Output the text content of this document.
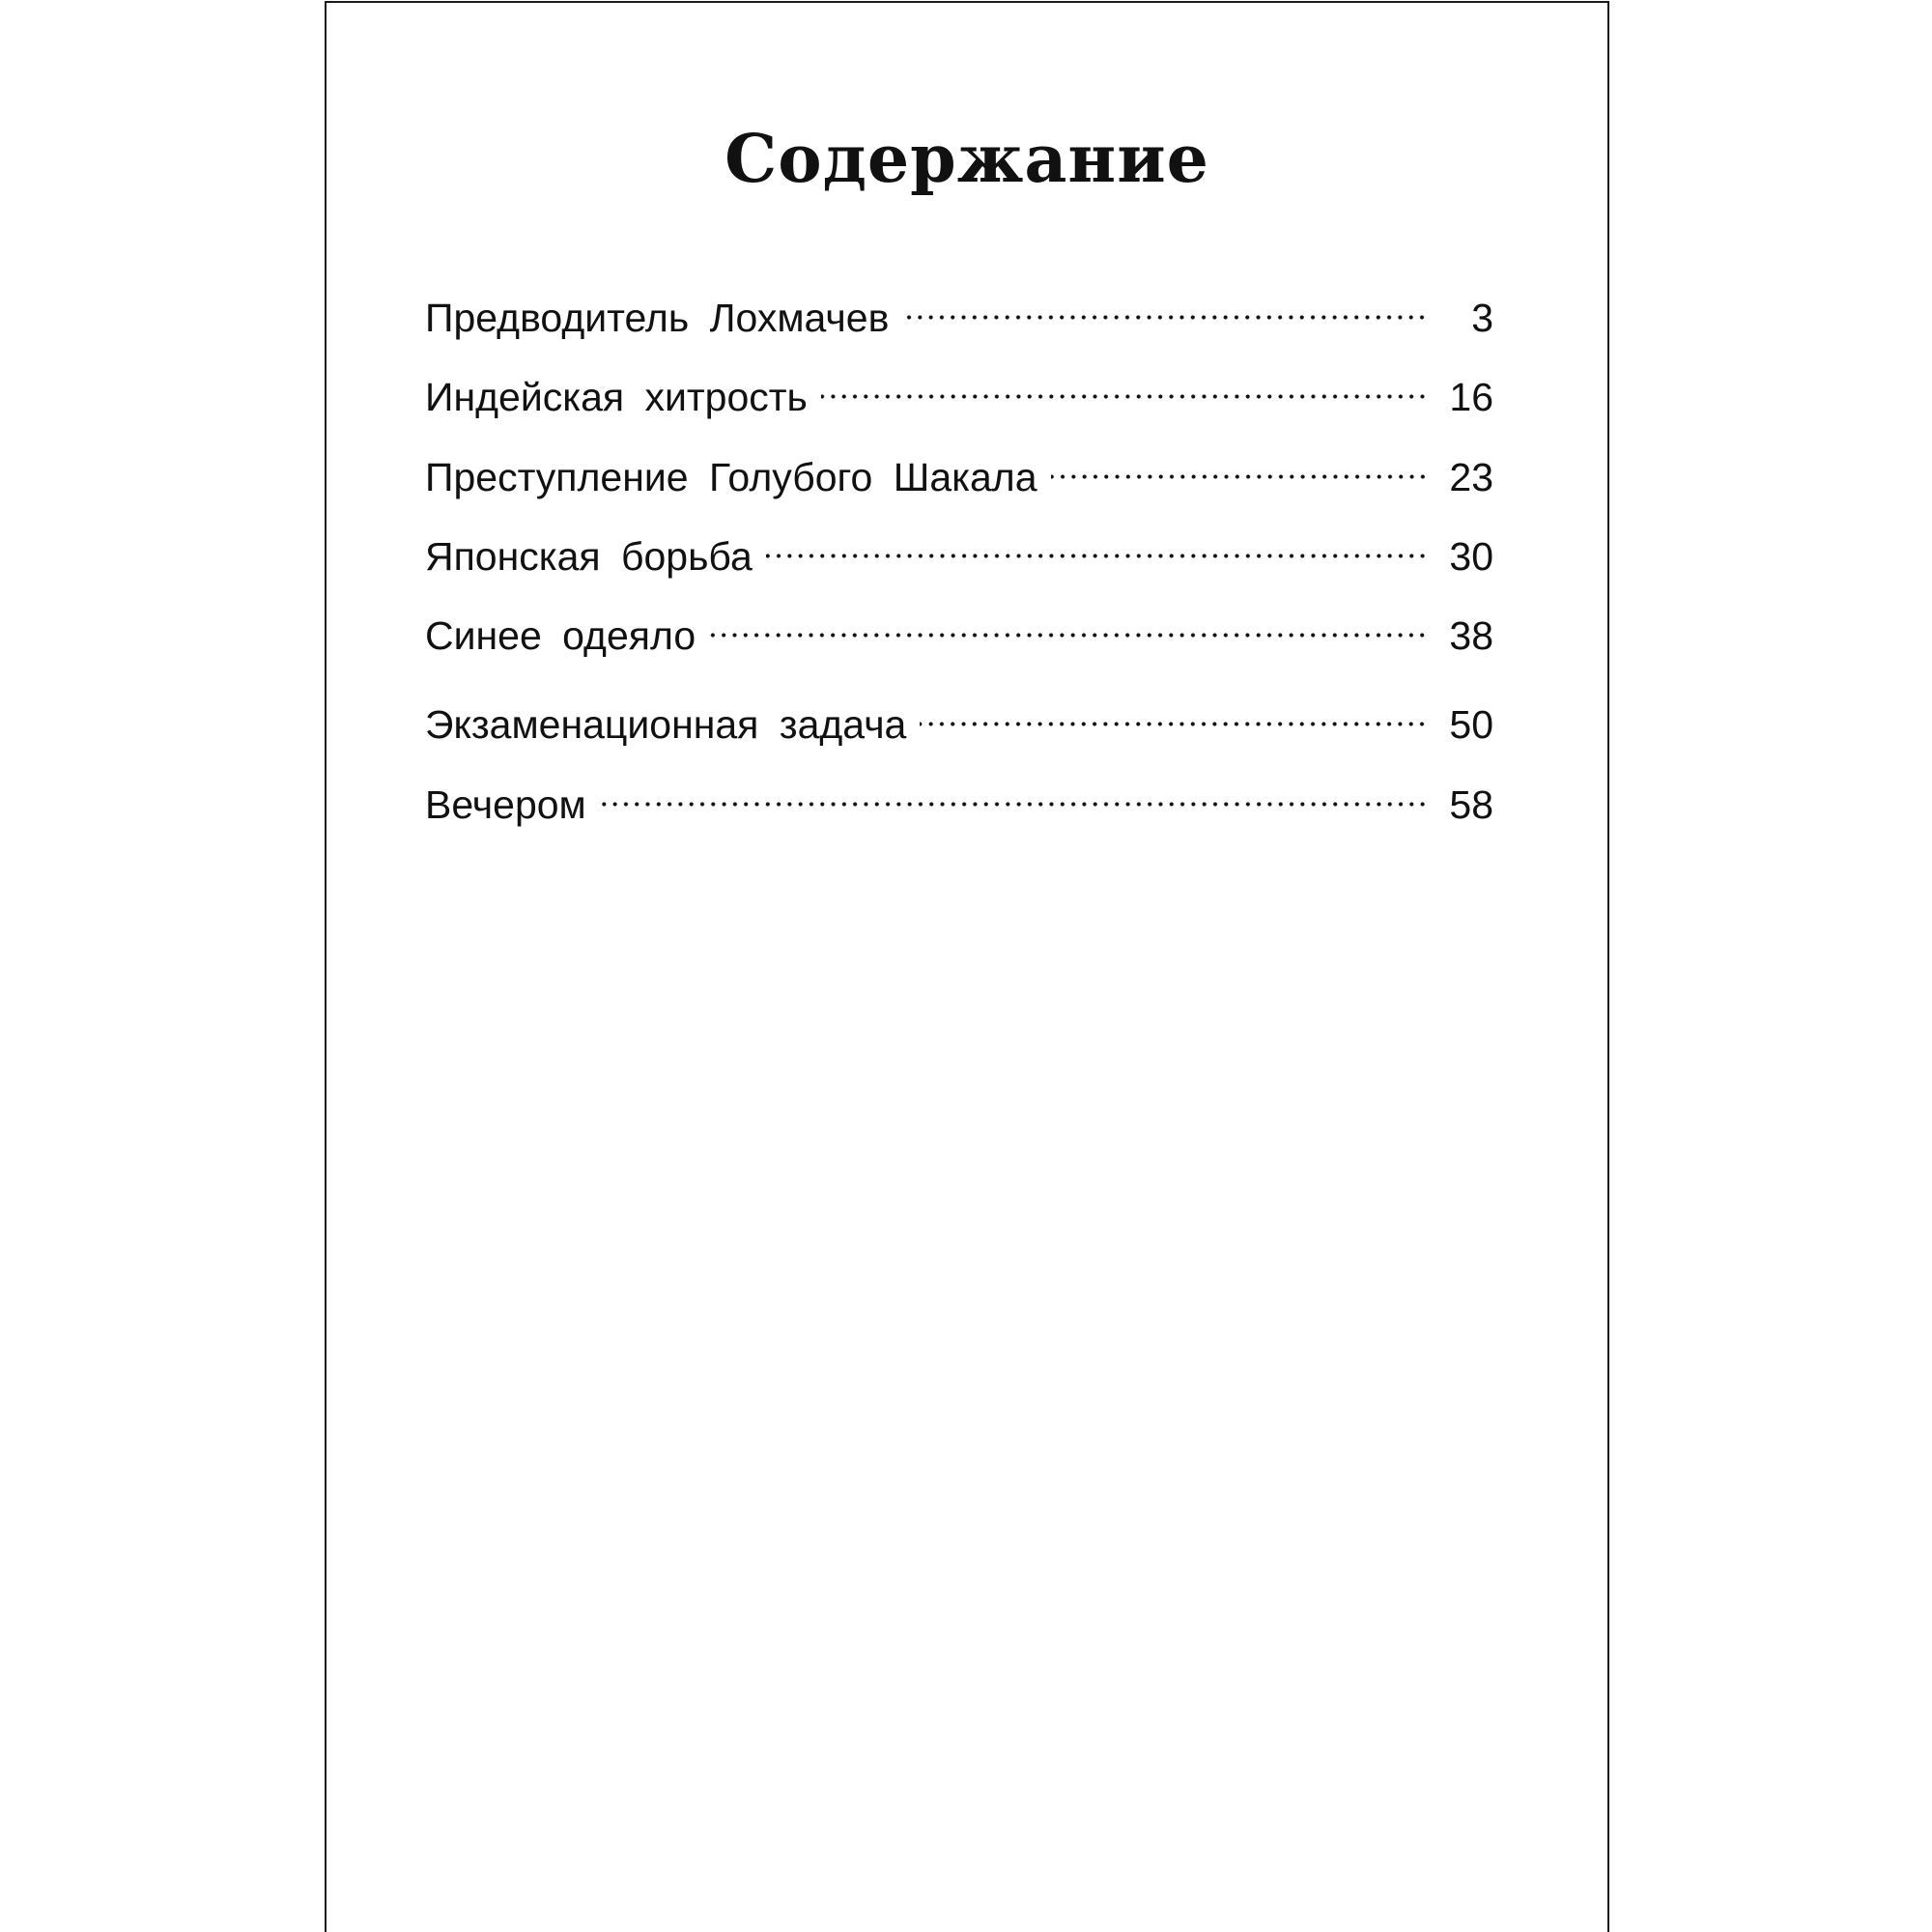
Содержание
Предводитель Лохмачев	3
Индейская хитрость	16
Преступление Голубого Шакала	23
Японская борьба	30
Синее одеяло	38
Экзаменационная задача	50
Вечером	58
